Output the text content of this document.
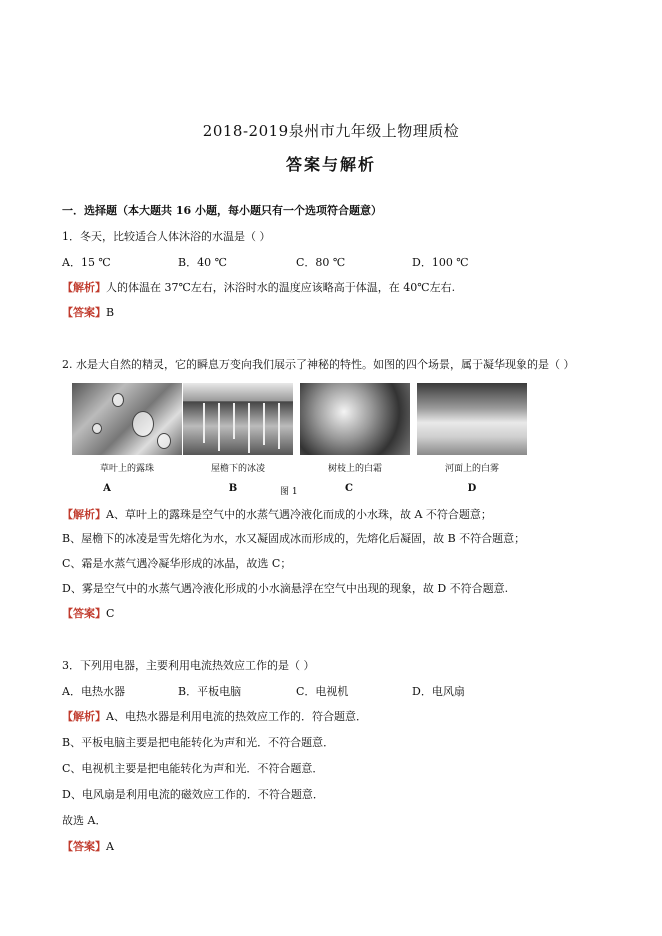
2018-2019泉州市九年级上物理质检
答案与解析
一．选择题（本大题共 16 小题，每小题只有一个选项符合题意）
1．冬天，比较适合人体沐浴的水温是（ ）
A．15 ℃	B．40 ℃	C．80 ℃	D．100 ℃
【解析】人的体温在 37℃左右，沐浴时水的温度应该略高于体温，在 40℃左右.
【答案】B
2. 水是大自然的精灵，它的瞬息万变向我们展示了神秘的特性。如图的四个场景，属于凝华现象的是（ ）
草叶上的露珠	屋檐下的冰凌	树枝上的白霜	河面上的白雾
A	B	C	D
图 1
【解析】A、草叶上的露珠是空气中的水蒸气遇冷液化而成的小水珠，故 A 不符合题意；
B、屋檐下的冰凌是雪先熔化为水，水又凝固成冰而形成的，先熔化后凝固，故 B 不符合题意；
C、霜是水蒸气遇冷凝华形成的冰晶，故选 C；
D、雾是空气中的水蒸气遇冷液化形成的小水滴悬浮在空气中出现的现象，故 D 不符合题意.
【答案】C
3．下列用电器，主要利用电流热效应工作的是（ ）
A．电热水器	B．平板电脑	C．电视机	D．电风扇
【解析】A、电热水器是利用电流的热效应工作的．符合题意．
B、平板电脑主要是把电能转化为声和光．不符合题意．
C、电视机主要是把电能转化为声和光．不符合题意．
D、电风扇是利用电流的磁效应工作的．不符合题意．
故选 A．
【答案】A
